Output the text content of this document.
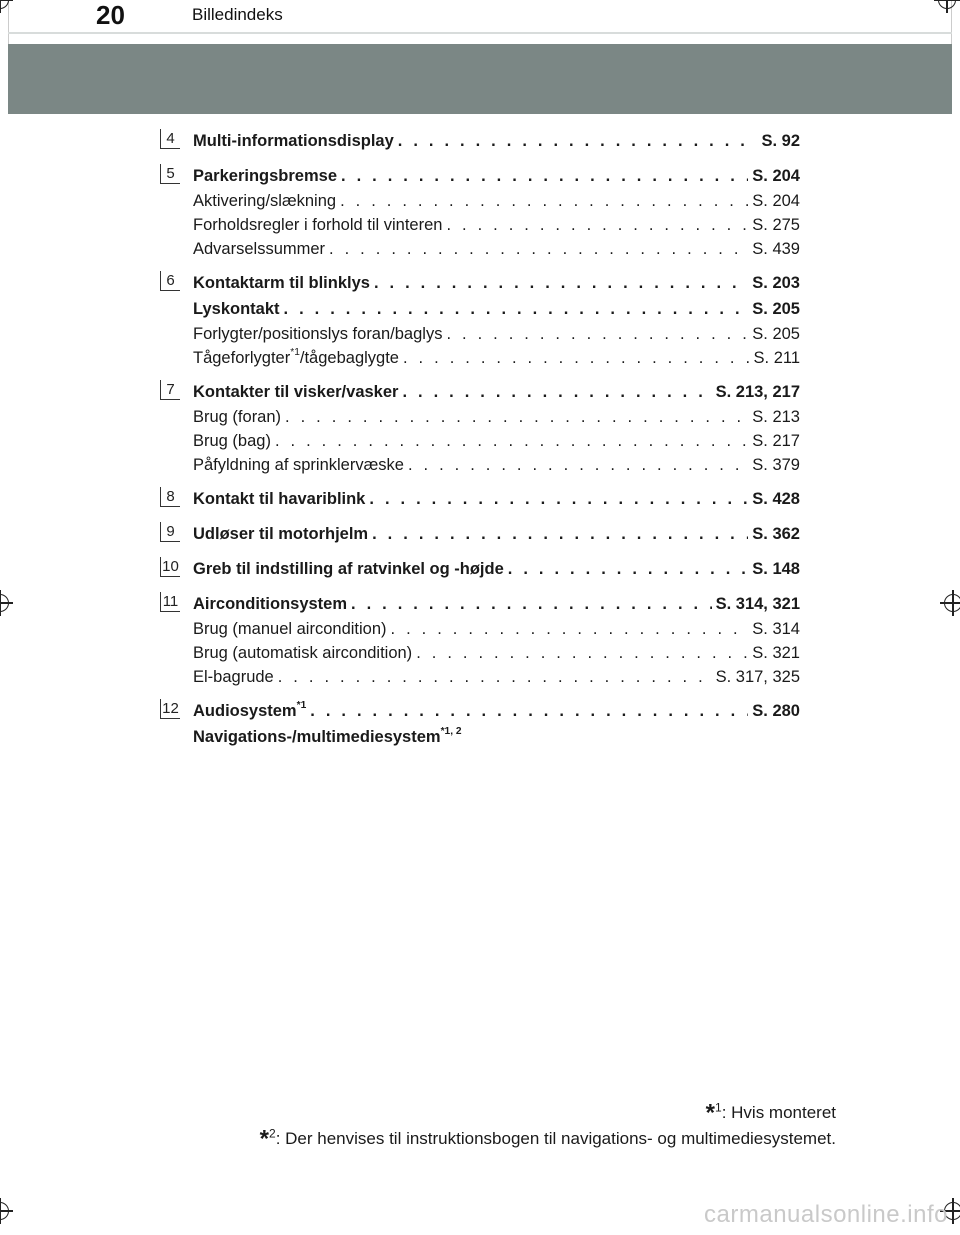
20	Billedindeks
4	Multi-informationsdisplay . . .	S. 92
5	Parkeringsbremse . . .	S. 204
Aktivering/slækning . . .	S. 204
Forholdsregler i forhold til vinteren . . .	S. 275
Advarselssummer . . .	S. 439
6	Kontaktarm til blinklys . . .	S. 203
Lyskontakt . . .	S. 205
Forlygter/positionslys foran/baglys . . .	S. 205
Tågeforlygter$^{*1}$/tågebaglygte . . .	S. 211
7	Kontakter til visker/vasker . . .	S. 213, 217
Brug (foran) . . .	S. 213
Brug (bag) . . .	S. 217
Påfyldning af sprinklervæske . . .	S. 379
8	Kontakt til havariblink . . .	S. 428
9	Udløser til motorhjelm . . .	S. 362
10 Greb til indstilling af ratvinkel og -højde . . .	S. 148
11 Airconditionsystem . . .	S. 314, 321
Brug (manuel aircondition) . . .	S. 314
Brug (automatisk aircondition) . . .	S. 321
El-bagrude . . .	S. 317, 325
12 Audiosystem$^{*1}$ . . .	S. 280
Navigations-/multimediesystem$^{*1, 2}$
*$^1$: Hvis monteret
*$^2$: Der henvises til instruktionsbogen til navigations- og multimediesystemet.
carmanualsonline.info
